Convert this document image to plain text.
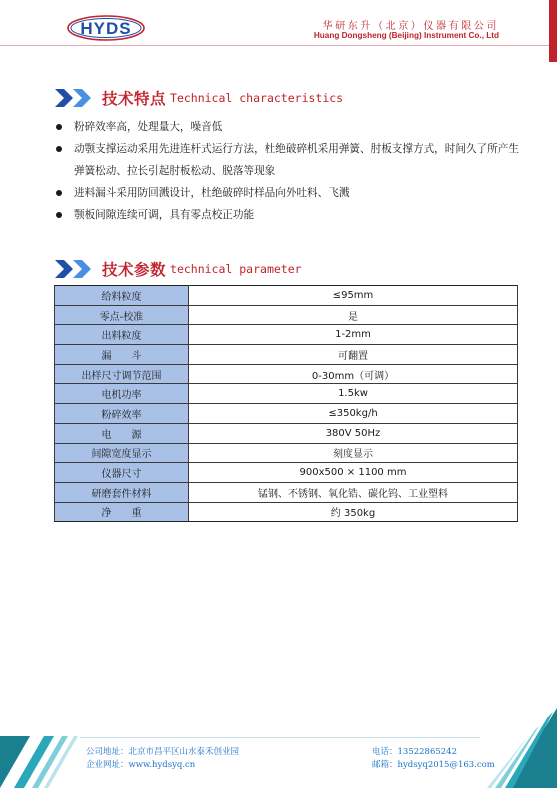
HYDS	华研东升（北京）仪器有限公司
Huang Dongsheng (Beijing) Instrument Co., Ltd
技术特点 Technical characteristics
粉碎效率高，处理量大，噪音低
动颚支撑运动采用先进连杆式运行方法，杜绝破碎机采用弹簧、肘板支撑方式，时间久了所产生弹簧松动、拉长引起肘板松动、脱落等现象
进料漏斗采用防回溅设计，杜绝破碎时样品向外吐料、飞溅
颚板间隙连续可调，具有零点校正功能
技术参数 technical parameter
给料粒度	≤95mm
零点-校准	是
出料粒度	1-2mm
漏　　斗	可翻置
出样尺寸调节范围	0-30mm（可调）
电机功率	1.5kw
粉碎效率	≤350kg/h
电　　源	380V 50Hz
间隙宽度显示	刻度显示
仪器尺寸	900x500 × 1100 mm
研磨套件材料	锰钢、不锈钢、氧化锆、碳化钨、工业塑料
净　　重	约 350kg
公司地址：北京市昌平区山水泰禾创业园
企业网址：www.hydsyq.cn
电话：13522865242
邮箱：hydsyq2015@163.com
